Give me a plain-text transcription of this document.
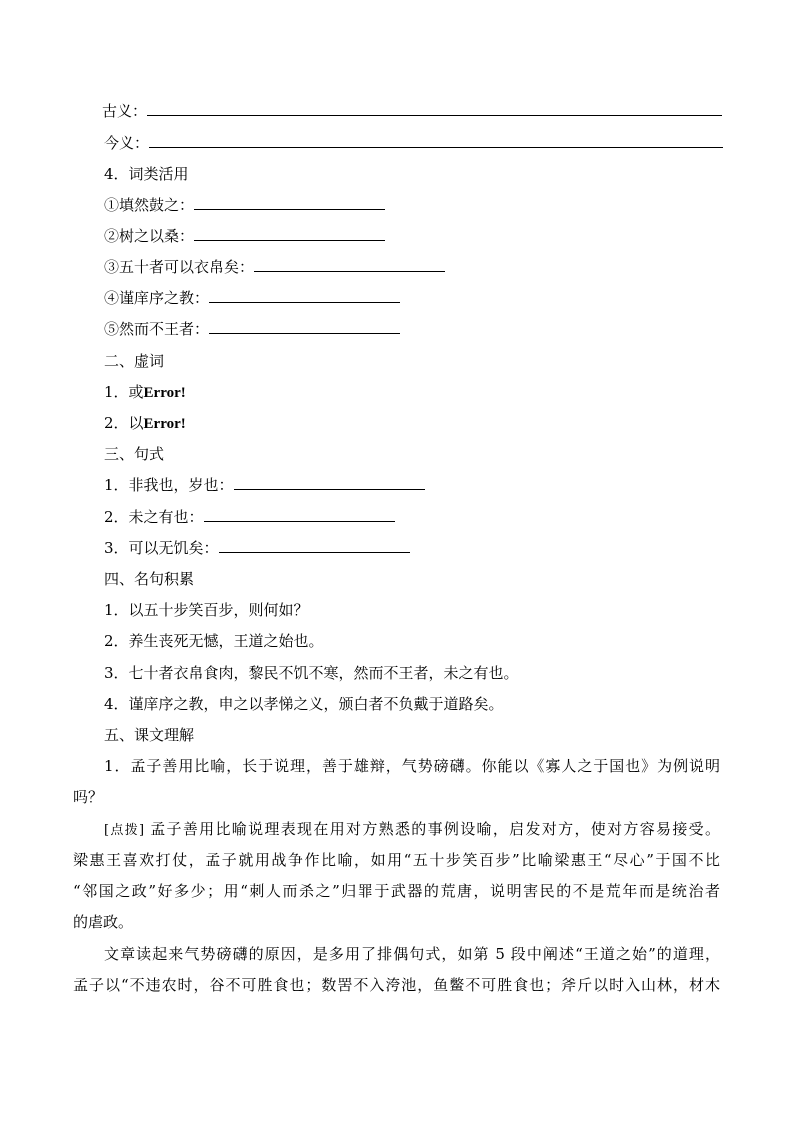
古义：
今义：
4．词类活用
①填然鼓之：
②树之以桑：
③五十者可以衣帛矣：
④谨庠序之教：
⑤然而不王者：
二、虚词
1．或Error!
2．以Error!
三、句式
1．非我也，岁也：
2．未之有也：
3．可以无饥矣：
四、名句积累
1．以五十步笑百步，则何如？
2．养生丧死无憾，王道之始也。
3．七十者衣帛食肉，黎民不饥不寒，然而不王者，未之有也。
4．谨庠序之教，申之以孝悌之义，颁白者不负戴于道路矣。
五、课文理解
1．孟子善用比喻，长于说理，善于雄辩，气势磅礴。你能以《寡人之于国也》为例说明
吗？
[点拨] 孟子善用比喻说理表现在用对方熟悉的事例设喻，启发对方，使对方容易接受。
梁惠王喜欢打仗，孟子就用战争作比喻，如用“五十步笑百步”比喻梁惠王“尽心”于国不比
“邻国之政”好多少；用“刺人而杀之”归罪于武器的荒唐，说明害民的不是荒年而是统治者
的虐政。
文章读起来气势磅礴的原因，是多用了排偶句式，如第 5 段中阐述“王道之始”的道理，
孟子以“不违农时，谷不可胜食也；数罟不入洿池，鱼鳖不可胜食也；斧斤以时入山林，材木
